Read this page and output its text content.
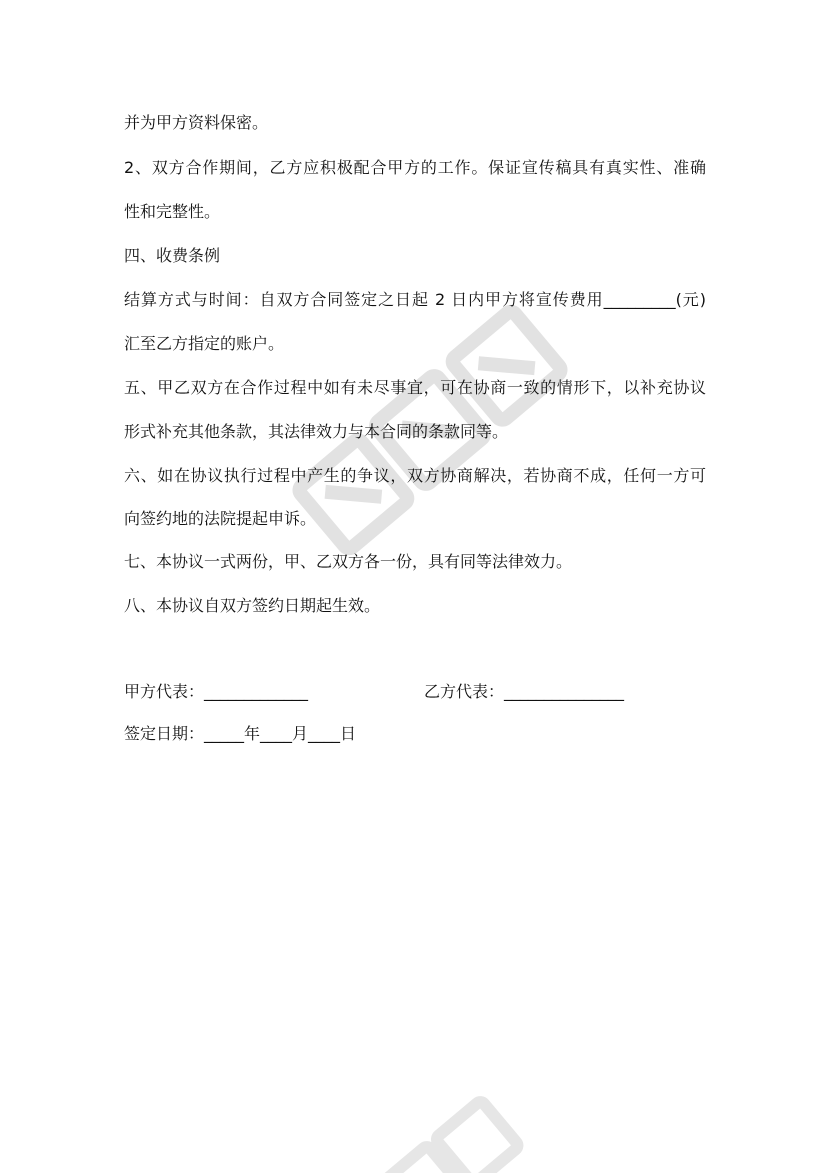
并为甲方资料保密。
2、双方合作期间，乙方应积极配合甲方的工作。保证宣传稿具有真实性、准确
性和完整性。
四、收费条例
结算方式与时间：自双方合同签定之日起 2 日内甲方将宣传费用_________(元)
汇至乙方指定的账户。
五、甲乙双方在合作过程中如有未尽事宜，可在协商一致的情形下，以补充协议
形式补充其他条款，其法律效力与本合同的条款同等。
六、如在协议执行过程中产生的争议，双方协商解决，若协商不成，任何一方可
向签约地的法院提起申诉。
七、本协议一式两份，甲、乙双方各一份，具有同等法律效力。
八、本协议自双方签约日期起生效。
甲方代表：_____________	乙方代表：_______________
签定日期：_____年____月____日
